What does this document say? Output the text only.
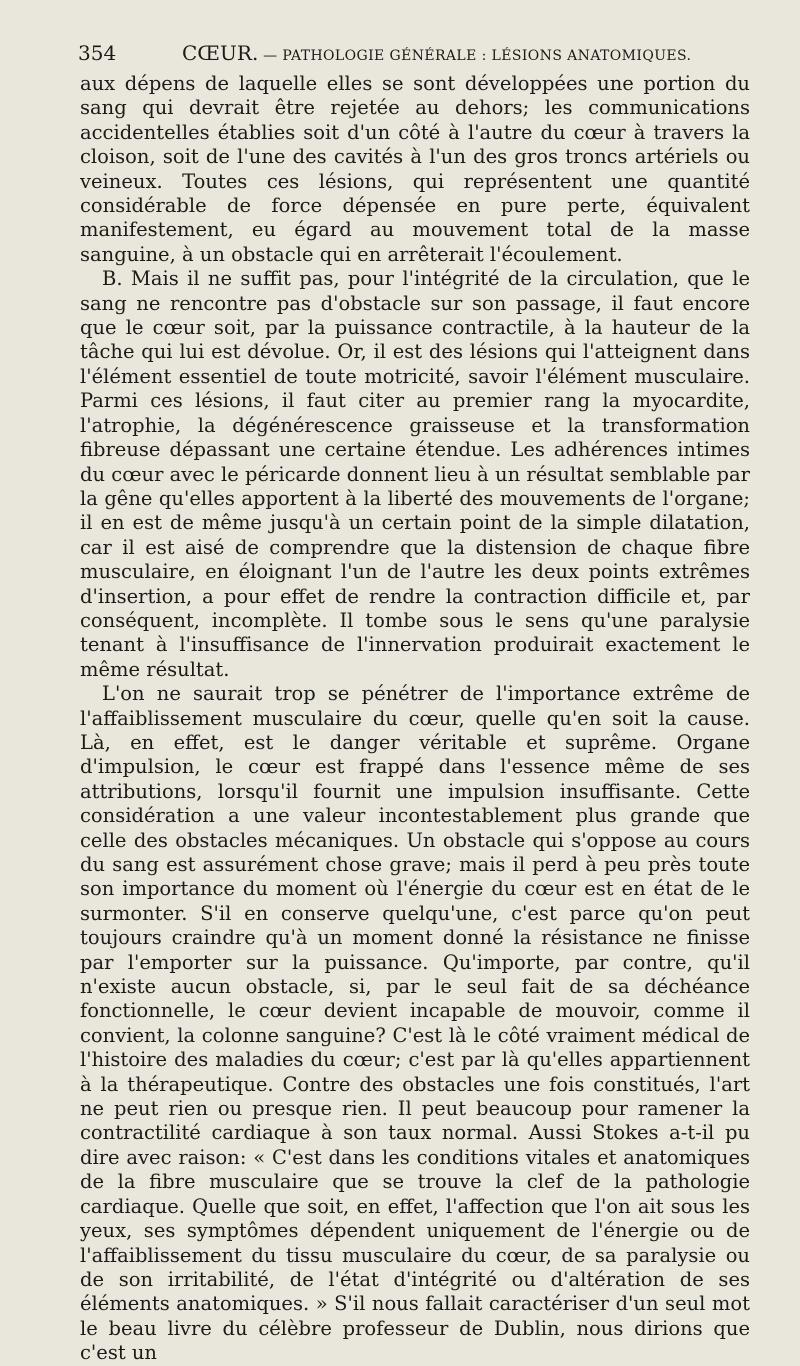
354	CŒUR. — PATHOLOGIE GÉNÉRALE : LÉSIONS ANATOMIQUES.

aux dépens de laquelle elles se sont développées une portion du sang qui devrait être rejetée au dehors; les communications accidentelles établies soit d'un côté à l'autre du cœur à travers la cloison, soit de l'une des cavités à l'un des gros troncs artériels ou veineux. Toutes ces lésions, qui représentent une quantité considérable de force dépensée en pure perte, équivalent manifestement, eu égard au mouvement total de la masse sanguine, à un obstacle qui en arrêterait l'écoulement.

B. Mais il ne suffit pas, pour l'intégrité de la circulation, que le sang ne rencontre pas d'obstacle sur son passage, il faut encore que le cœur soit, par la puissance contractile, à la hauteur de la tâche qui lui est dévolue. Or, il est des lésions qui l'atteignent dans l'élément essentiel de toute motricité, savoir l'élément musculaire. Parmi ces lésions, il faut citer au premier rang la myocardite, l'atrophie, la dégénérescence graisseuse et la transformation fibreuse dépassant une certaine étendue. Les adhérences intimes du cœur avec le péricarde donnent lieu à un résultat semblable par la gêne qu'elles apportent à la liberté des mouvements de l'organe; il en est de même jusqu'à un certain point de la simple dilatation, car il est aisé de comprendre que la distension de chaque fibre musculaire, en éloignant l'un de l'autre les deux points extrêmes d'insertion, a pour effet de rendre la contraction difficile et, par conséquent, incomplète. Il tombe sous le sens qu'une paralysie tenant à l'insuffisance de l'innervation produirait exactement le même résultat.

L'on ne saurait trop se pénétrer de l'importance extrême de l'affaiblissement musculaire du cœur, quelle qu'en soit la cause. Là, en effet, est le danger véritable et suprême. Organe d'impulsion, le cœur est frappé dans l'essence même de ses attributions, lorsqu'il fournit une impulsion insuffisante. Cette considération a une valeur incontestablement plus grande que celle des obstacles mécaniques. Un obstacle qui s'oppose au cours du sang est assurément chose grave; mais il perd à peu près toute son importance du moment où l'énergie du cœur est en état de le surmonter. S'il en conserve quelqu'une, c'est parce qu'on peut toujours craindre qu'à un moment donné la résistance ne finisse par l'emporter sur la puissance. Qu'importe, par contre, qu'il n'existe aucun obstacle, si, par le seul fait de sa déchéance fonctionnelle, le cœur devient incapable de mouvoir, comme il convient, la colonne sanguine? C'est là le côté vraiment médical de l'histoire des maladies du cœur; c'est par là qu'elles appartiennent à la thérapeutique. Contre des obstacles une fois constitués, l'art ne peut rien ou presque rien. Il peut beaucoup pour ramener la contractilité cardiaque à son taux normal. Aussi Stokes a-t-il pu dire avec raison: « C'est dans les conditions vitales et anatomiques de la fibre musculaire que se trouve la clef de la pathologie cardiaque. Quelle que soit, en effet, l'affection que l'on ait sous les yeux, ses symptômes dépendent uniquement de l'énergie ou de l'affaiblissement du tissu musculaire du cœur, de sa paralysie ou de son irritabilité, de l'état d'intégrité ou d'altération de ses éléments anatomiques. » S'il nous fallait caractériser d'un seul mot le beau livre du célèbre professeur de Dublin, nous dirions que c'est un
